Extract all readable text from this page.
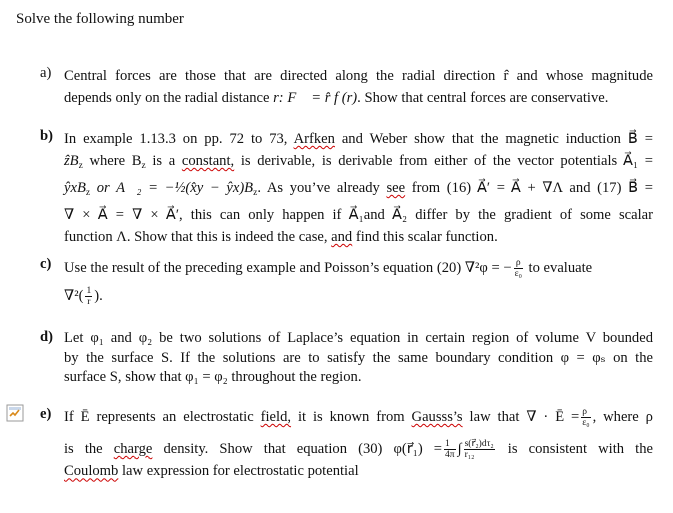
Solve the following number
a) Central forces are those that are directed along the radial direction r̂ and whose magnitude
depends only on the radial distance r: F⃗ = r̂ f (r). Show that central forces are conservative.
b) In example 1.13.3 on pp. 72 to 73, Arfken and Weber show that the magnetic induction B⃗ =
ẑB$_z$ where $B_z$ is a constant, is derivable, is derivable from either of the vector potentials A⃗₁ =
ŷxB$_z$ or A⃗₂ = −½(x̂y − $ŷx)B_z$. As you’ve already see from (16) A⃗′ = A⃗ + ∇Λ and (17) B⃗ =
∇ × A⃗ = ∇ × A⃗′, this can only happen if A⃗₁and A⃗₂ differ by the gradient of some scalar
function Λ. Show that this is indeed the case, and find this scalar function.
c) Use the result of the preceding example and Poisson’s equation (20) ∇²φ = − $\frac{\rho}{\text{ε₀}}$ to evaluate
$\nabla^2( \frac{1}{r}$ ).
d) Let φ₁ and φ₂ be two solutions of Laplace’s equation in certain region of volume V bounded
by the surface S. If the solutions are to satisfy the same boundary condition φ = φₛ on the
surface S, show that φ₁ = φ₂ throughout the region.
e) If Ē represents an electrostatic field, it is known from Gausss’s law that ∇ · Ē = $\frac{\rho}{\text{ε₀}}$ , where ρ
is the charge density. Show that equation (30) φ(r⃗₁) = $\frac{1}{4\pi}$ ∫ $\frac{\text{s(r⃗₂)dτ₂}}{\text{r₁₂}}$ is consistent with the
Coulomb law expression for electrostatic potential
